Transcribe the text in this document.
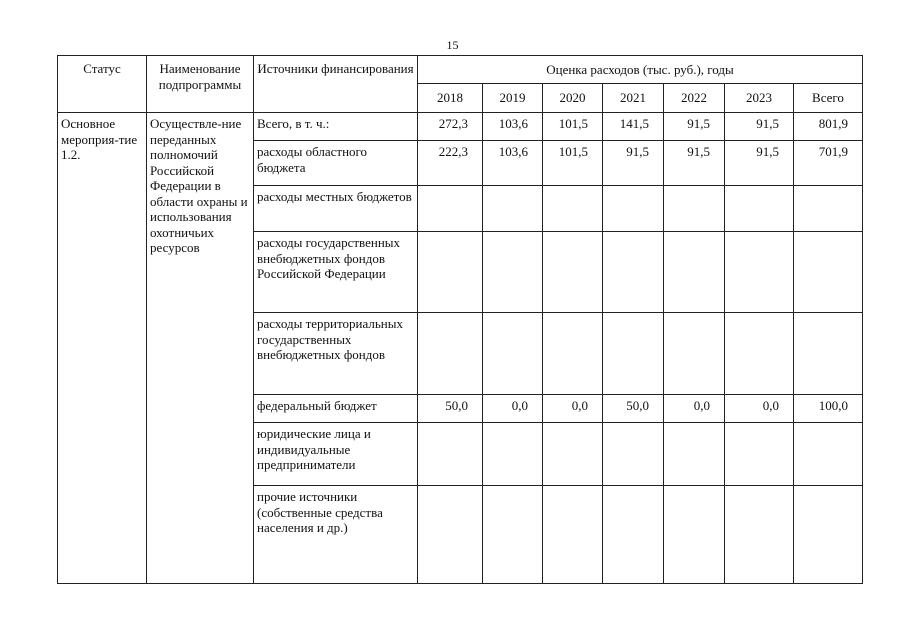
15
Статус	Наименование подпрограммы	Источники финансирования	Оценка расходов (тыс. руб.), годы						
			2018	2019	2020	2021	2022	2023	Всего
Основное мероприя-тие 1.2.	Осуществле-ние переданных полномочий Российской Федерации в области охраны и использования охотничьих ресурсов	Всего, в т. ч.:	272,3	103,6	101,5	141,5	91,5	91,5	801,9
		расходы областного бюджета	222,3	103,6	101,5	91,5	91,5	91,5	701,9
		расходы местных бюджетов							
		расходы государственных внебюджетных фондов Российской Федерации							
		расходы территориальных государственных внебюджетных фондов							
		федеральный бюджет	50,0	0,0	0,0	50,0	0,0	0,0	100,0
		юридические лица и индивидуальные предприниматели							
		прочие источники (собственные средства населения и др.)							
